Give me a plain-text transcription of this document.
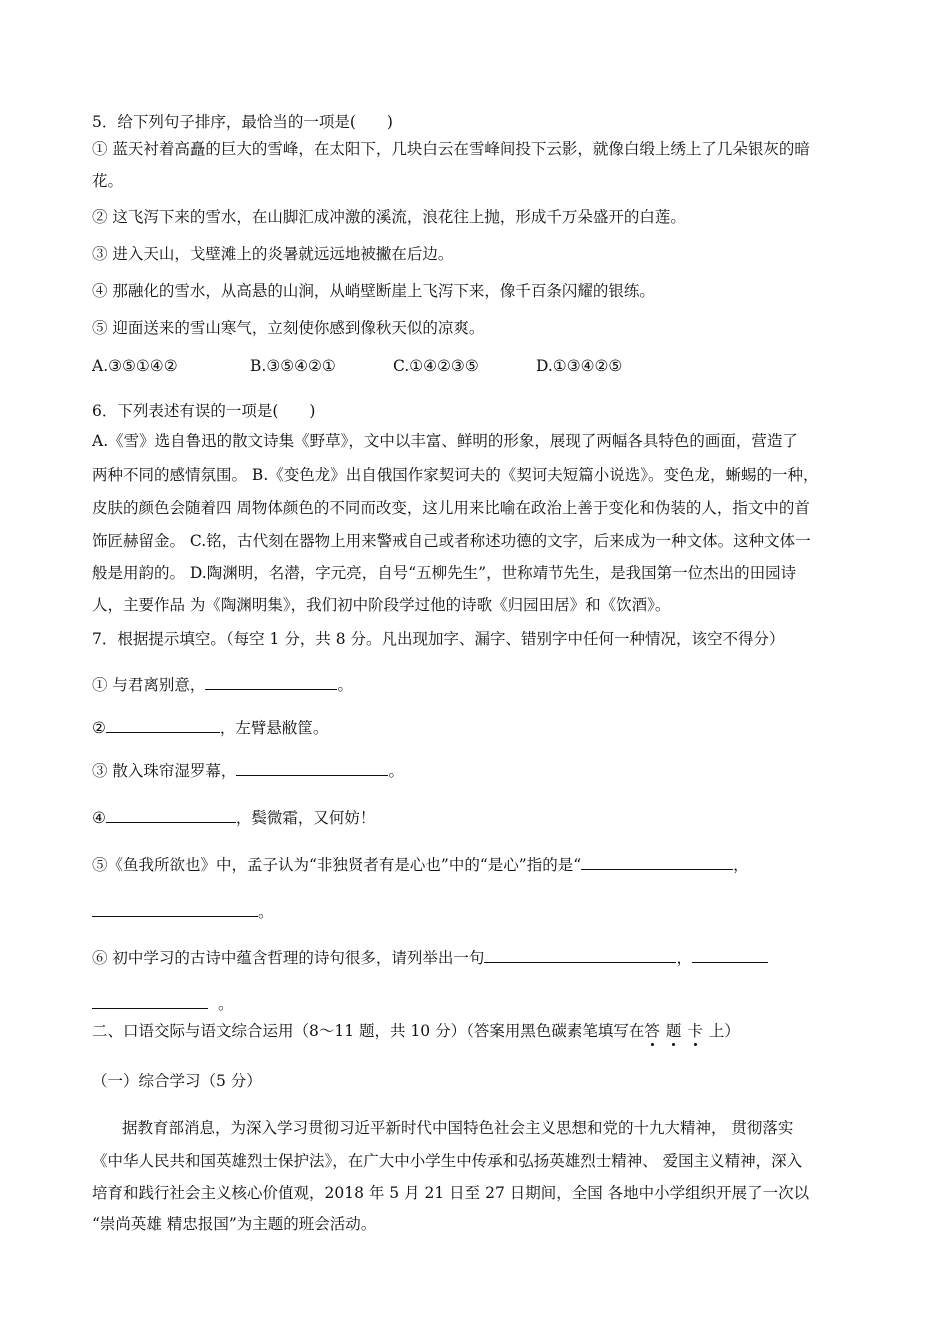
5．给下列句子排序，最恰当的一项是(　　)
① 蓝天衬着高矗的巨大的雪峰，在太阳下，几块白云在雪峰间投下云影，就像白缎上绣上了几朵银灰的暗
花。
② 这飞泻下来的雪水，在山脚汇成冲激的溪流，浪花往上抛，形成千万朵盛开的白莲。
③ 进入天山，戈壁滩上的炎暑就远远地被撇在后边。
④ 那融化的雪水，从高悬的山涧，从峭壁断崖上飞泻下来，像千百条闪耀的银练。
⑤ 迎面送来的雪山寒气，立刻使你感到像秋天似的凉爽。
A.③⑤①④②	B.③⑤④②①	C.①④②③⑤	D.①③④②⑤
6．下列表述有误的一项是(　　)
A.《雪》选自鲁迅的散文诗集《野草》，文中以丰富、鲜明的形象，展现了两幅各具特色的画面，营造了
两种不同的感情氛围。 B.《变色龙》出自俄国作家契诃夫的《契诃夫短篇小说选》。变色龙，蜥蜴的一种，
皮肤的颜色会随着四 周物体颜色的不同而改变，这儿用来比喻在政治上善于变化和伪装的人，指文中的首
饰匠赫留金。 C.铭，古代刻在器物上用来警戒自己或者称述功德的文字，后来成为一种文体。这种文体一
般是用韵的。 D.陶渊明，名潜，字元亮，自号“五柳先生”，世称靖节先生，是我国第一位杰出的田园诗
人，主要作品 为《陶渊明集》，我们初中阶段学过他的诗歌《归园田居》和《饮酒》。
7．根据提示填空。（每空 1 分，共 8 分。凡出现加字、漏字、错别字中任何一种情况，该空不得分）
① 与君离别意，	。
②	，左臂悬敝筐。
③ 散入珠帘湿罗幕，	。
④	，鬓微霜，又何妨！
⑤《鱼我所欲也》中，孟子认为“非独贤者有是心也”中的“是心”指的是“	，
。
⑥ 初中学习的古诗中蕴含哲理的诗句很多，请列举出一句	，
。
二、口语交际与语文综合运用（8～11 题，共 10 分）（答案用黑色碳素笔填写在答 题 卡 上）
（一）综合学习（5 分）
据教育部消息，为深入学习贯彻习近平新时代中国特色社会主义思想和党的十九大精神， 贯彻落实
《中华人民共和国英雄烈士保护法》，在广大中小学生中传承和弘扬英雄烈士精神、 爱国主义精神，深入
培育和践行社会主义核心价值观，2018 年 5 月 21 日至 27 日期间，全国 各地中小学组织开展了一次以
“崇尚英雄 精忠报国”为主题的班会活动。
